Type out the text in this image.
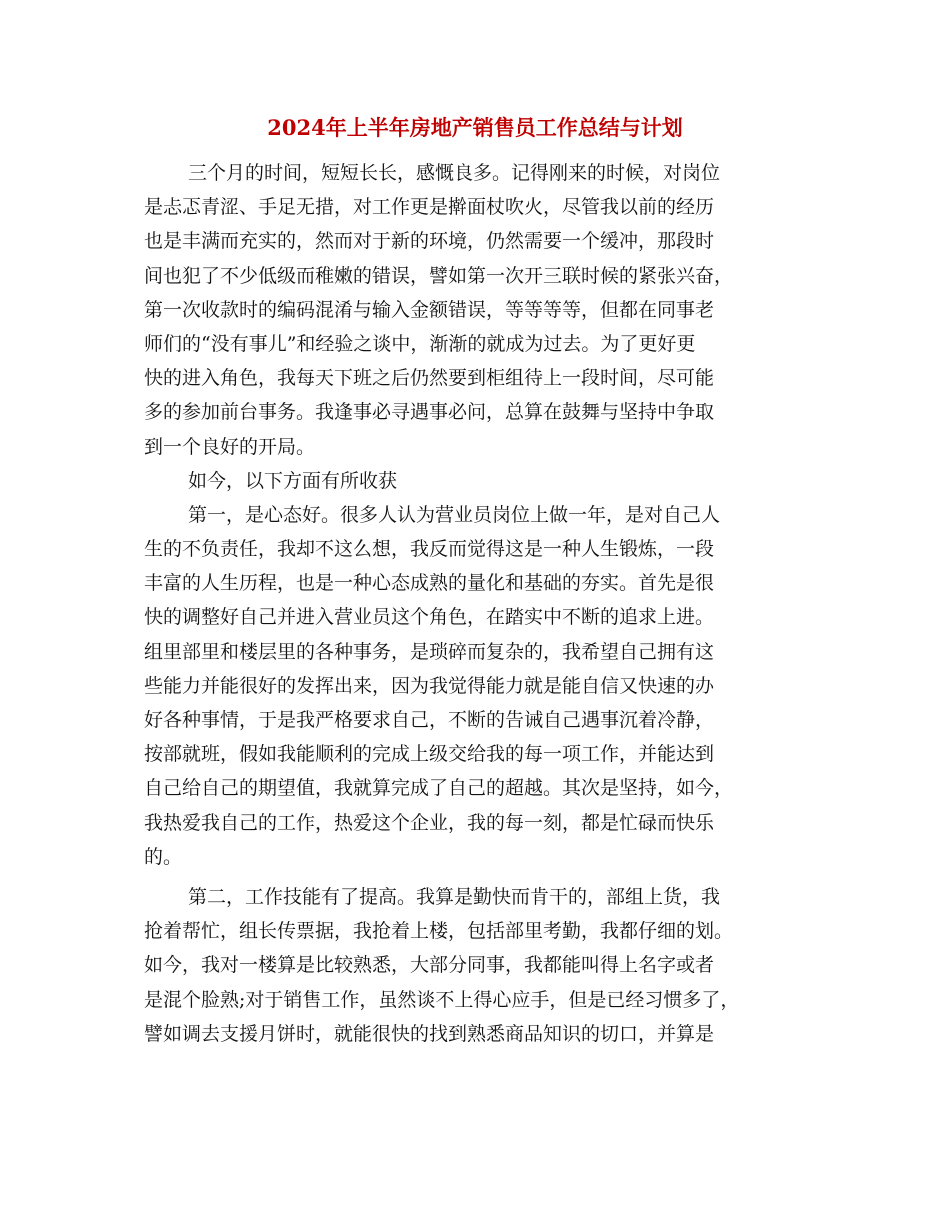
2024年上半年房地产销售员工作总结与计划
三个月的时间，短短长长，感慨良多。记得刚来的时候，对岗位
是忐忑青涩、手足无措，对工作更是擀面杖吹火，尽管我以前的经历
也是丰满而充实的，然而对于新的环境，仍然需要一个缓冲，那段时
间也犯了不少低级而稚嫩的错误，譬如第一次开三联时候的紧张兴奋，
第一次收款时的编码混淆与输入金额错误，等等等等，但都在同事老
师们的“没有事儿”和经验之谈中，渐渐的就成为过去。为了更好更
快的进入角色，我每天下班之后仍然要到柜组待上一段时间，尽可能
多的参加前台事务。我逢事必寻遇事必问，总算在鼓舞与坚持中争取
到一个良好的开局。
如今，以下方面有所收获
第一，是心态好。很多人认为营业员岗位上做一年，是对自己人
生的不负责任，我却不这么想，我反而觉得这是一种人生锻炼，一段
丰富的人生历程，也是一种心态成熟的量化和基础的夯实。首先是很
快的调整好自己并进入营业员这个角色，在踏实中不断的追求上进。
组里部里和楼层里的各种事务，是琐碎而复杂的，我希望自己拥有这
些能力并能很好的发挥出来，因为我觉得能力就是能自信又快速的办
好各种事情，于是我严格要求自己，不断的告诫自己遇事沉着冷静，
按部就班，假如我能顺利的完成上级交给我的每一项工作，并能达到
自己给自己的期望值，我就算完成了自己的超越。其次是坚持，如今，
我热爱我自己的工作，热爱这个企业，我的每一刻，都是忙碌而快乐
的。
第二，工作技能有了提高。我算是勤快而肯干的，部组上货，我
抢着帮忙，组长传票据，我抢着上楼，包括部里考勤，我都仔细的划。
如今，我对一楼算是比较熟悉，大部分同事，我都能叫得上名字或者
是混个脸熟;对于销售工作，虽然谈不上得心应手，但是已经习惯多了，
譬如调去支援月饼时，就能很快的找到熟悉商品知识的切口，并算是
